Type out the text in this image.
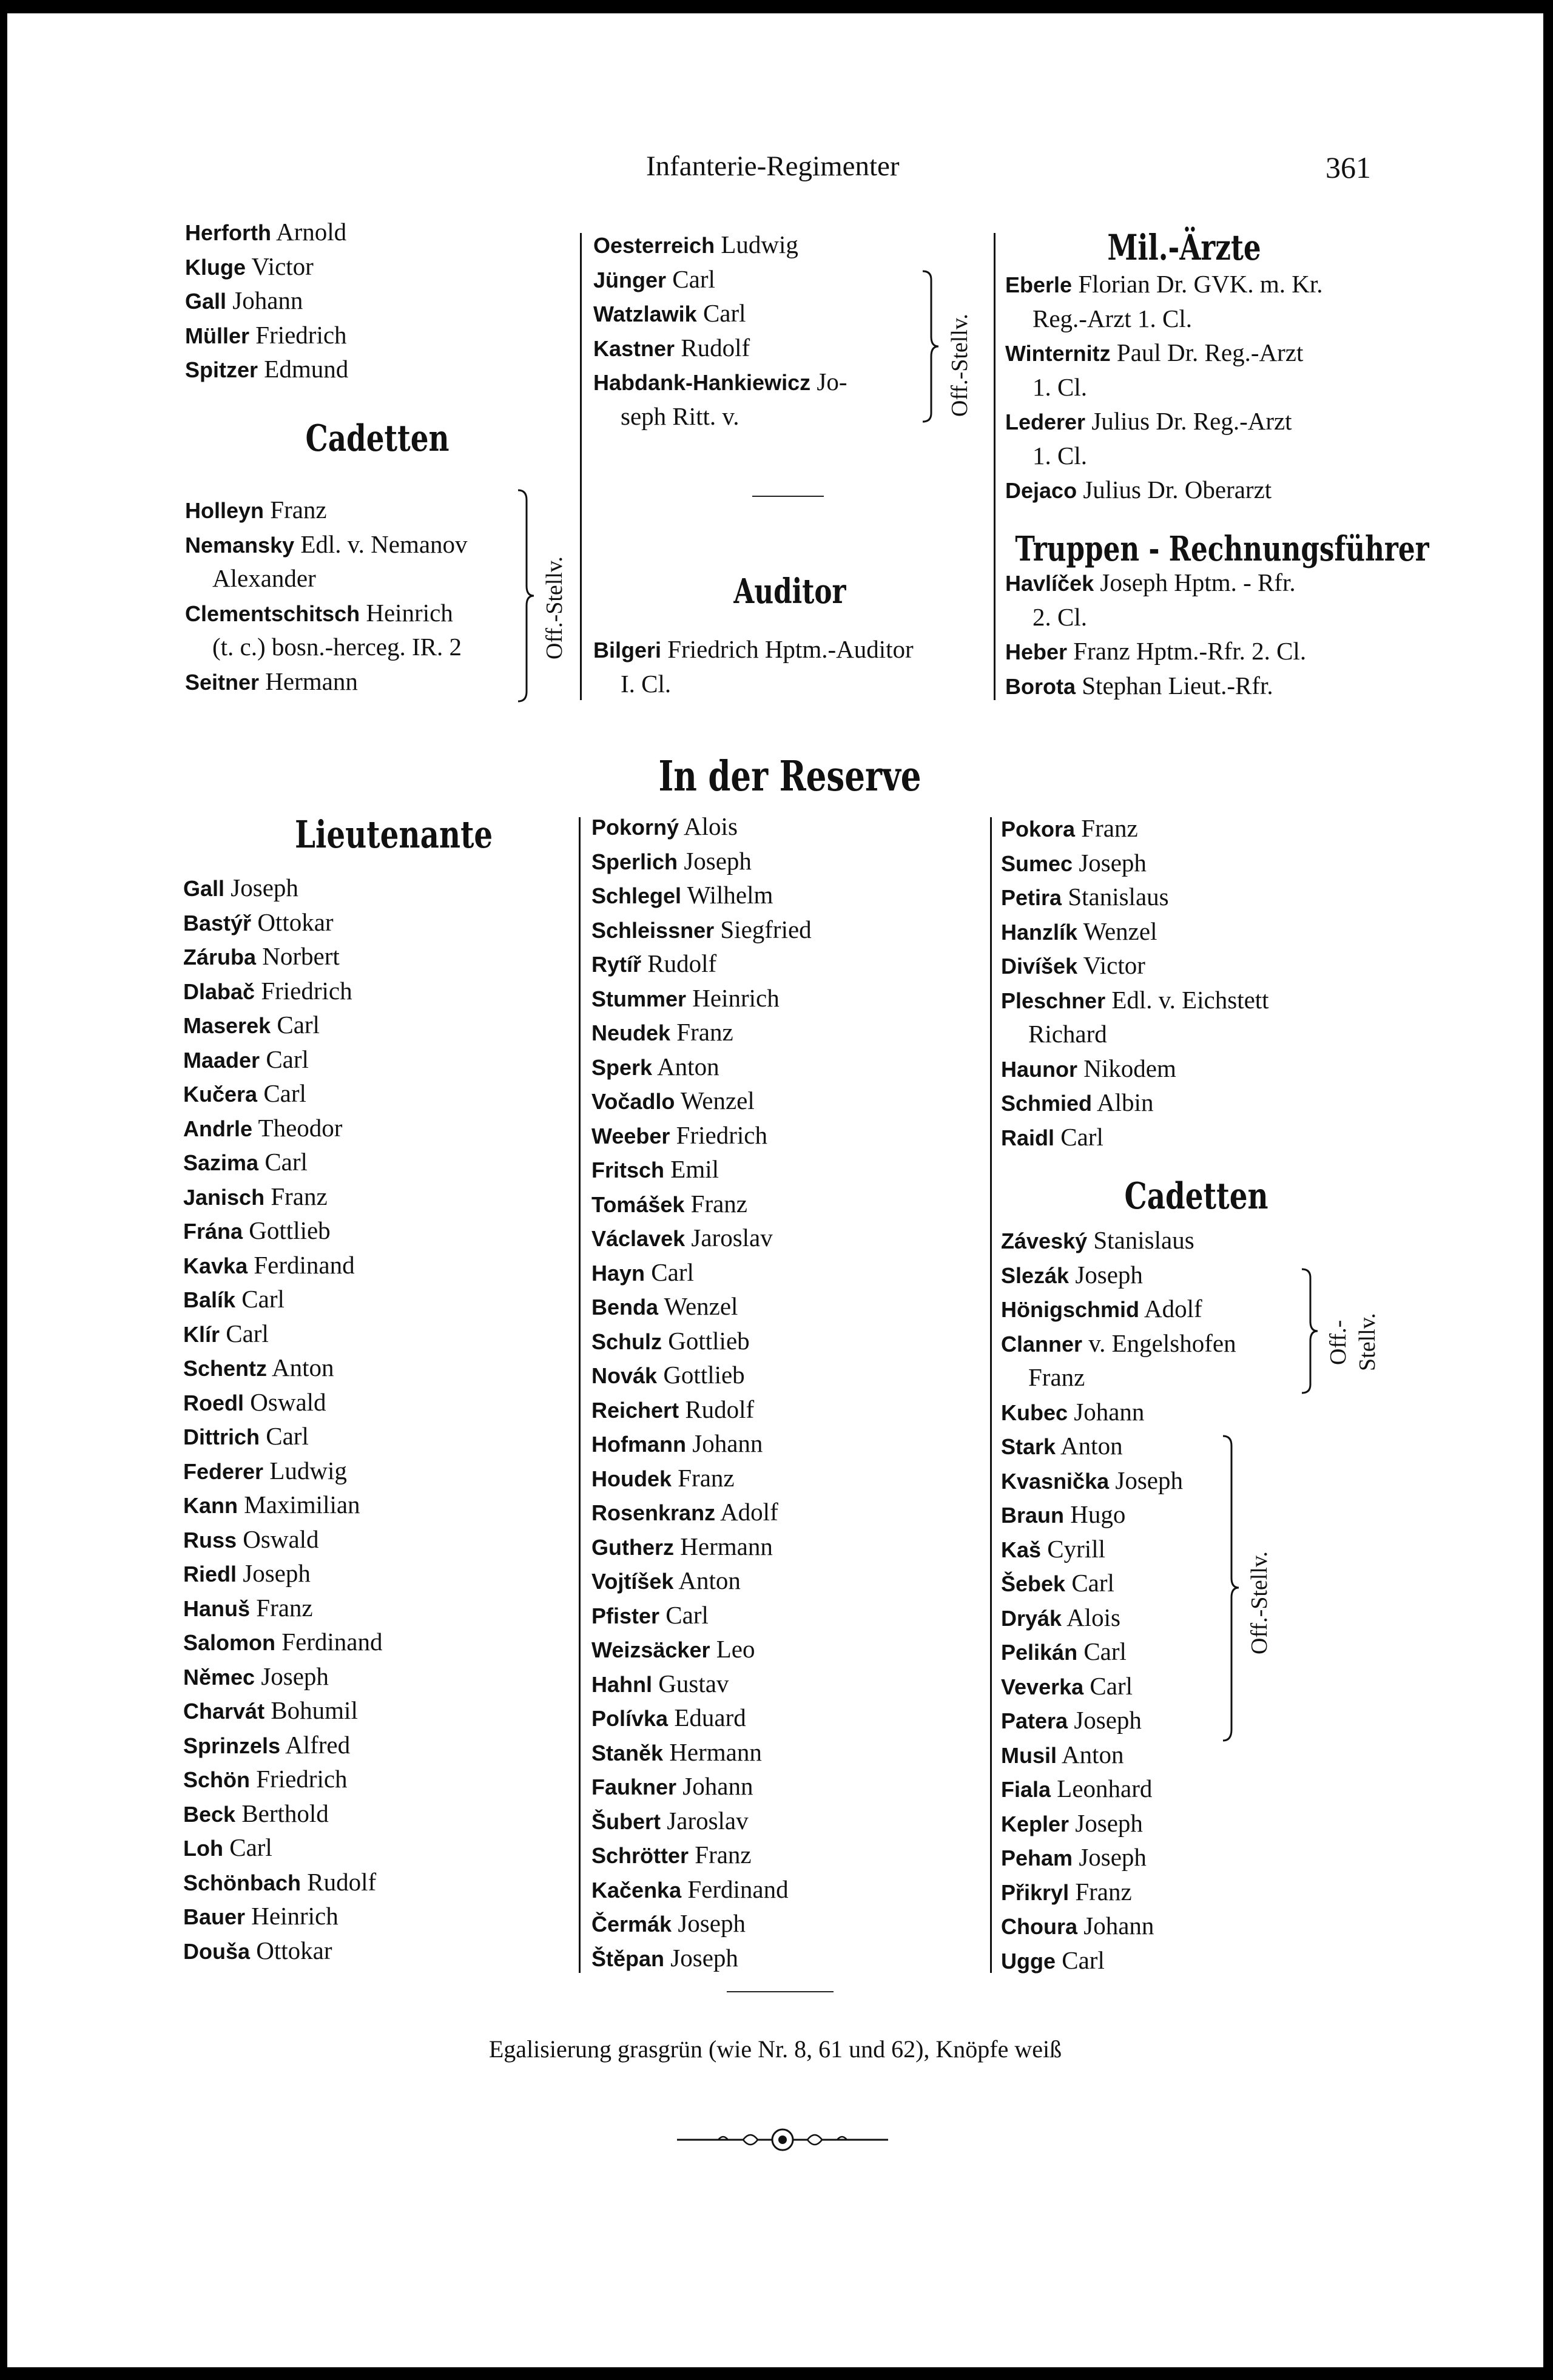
Infanterie-Regimenter	361
Herforth Arnold
Kluge Victor
Gall Johann
Müller Friedrich
Spitzer Edmund
Cadetten
Holleyn Franz
Nemansky Edl. v. Nemanov
Alexander
Clementschitsch Heinrich
(t. c.) bosn.-herceg. IR. 2
Seitner Hermann
Off.-Stellv.
Oesterreich Ludwig
Jünger Carl
Watzlawik Carl
Kastner Rudolf
Habdank-Hankiewicz Jo-
seph Ritt. v.	Off.-Stellv.
Auditor
Bilgeri Friedrich Hptm.-Auditor
I. Cl.
Mil.-Ärzte
Eberle Florian Dr. GVK. m. Kr.
Reg.-Arzt 1. Cl.
Winternitz Paul Dr. Reg.-Arzt
1. Cl.
Lederer Julius Dr. Reg.-Arzt
1. Cl.
Dejaco Julius Dr. Oberarzt
Truppen - Rechnungsführer
Havlíček Joseph Hptm. - Rfr.
2. Cl.
Heber Franz Hptm.-Rfr. 2. Cl.
Borota Stephan Lieut.-Rfr.
In der Reserve
Lieutenante
Gall Joseph
Bastýř Ottokar
Záruba Norbert
Dlabač Friedrich
Maserek Carl
Maader Carl
Kučera Carl
Andrle Theodor
Sazima Carl
Janisch Franz
Frána Gottlieb
Kavka Ferdinand
Balík Carl
Klír Carl
Schentz Anton
Roedl Oswald
Dittrich Carl
Federer Ludwig
Kann Maximilian
Russ Oswald
Riedl Joseph
Hanuš Franz
Salomon Ferdinand
Němec Joseph
Charvát Bohumil
Sprinzels Alfred
Schön Friedrich
Beck Berthold
Loh Carl
Schönbach Rudolf
Bauer Heinrich
Douša Ottokar
Pokorný Alois
Sperlich Joseph
Schlegel Wilhelm
Schleissner Siegfried
Rytíř Rudolf
Stummer Heinrich
Neudek Franz
Sperk Anton
Vočadlo Wenzel
Weeber Friedrich
Fritsch Emil
Tomášek Franz
Václavek Jaroslav
Hayn Carl
Benda Wenzel
Schulz Gottlieb
Novák Gottlieb
Reichert Rudolf
Hofmann Johann
Houdek Franz
Rosenkranz Adolf
Gutherz Hermann
Vojtíšek Anton
Pfister Carl
Weizsäcker Leo
Hahnl Gustav
Polívka Eduard
Staněk Hermann
Faukner Johann
Šubert Jaroslav
Schrötter Franz
Kačenka Ferdinand
Čermák Joseph
Štěpan Joseph
Pokora Franz
Sumec Joseph
Petira Stanislaus
Hanzlík Wenzel
Divíšek Victor
Pleschner Edl. v. Eichstett
Richard
Haunor Nikodem
Schmied Albin
Raidl Carl
Cadetten
Záveský Stanislaus
Slezák Joseph
Hönigschmid Adolf
Clanner v. Engelshofen
Franz
Kubec Johann
Stark Anton
Kvasnička Joseph
Braun Hugo
Kaš Cyrill
Šebek Carl
Dryák Alois
Pelikán Carl
Veverka Carl
Patera Joseph
Musil Anton
Fiala Leonhard
Kepler Joseph
Peham Joseph
Přikryl Franz
Choura Johann
Ugge Carl
Off.- Stellv.
Off.-Stellv.
Egalisierung grasgrün (wie Nr. 8, 61 und 62), Knöpfe weiß
